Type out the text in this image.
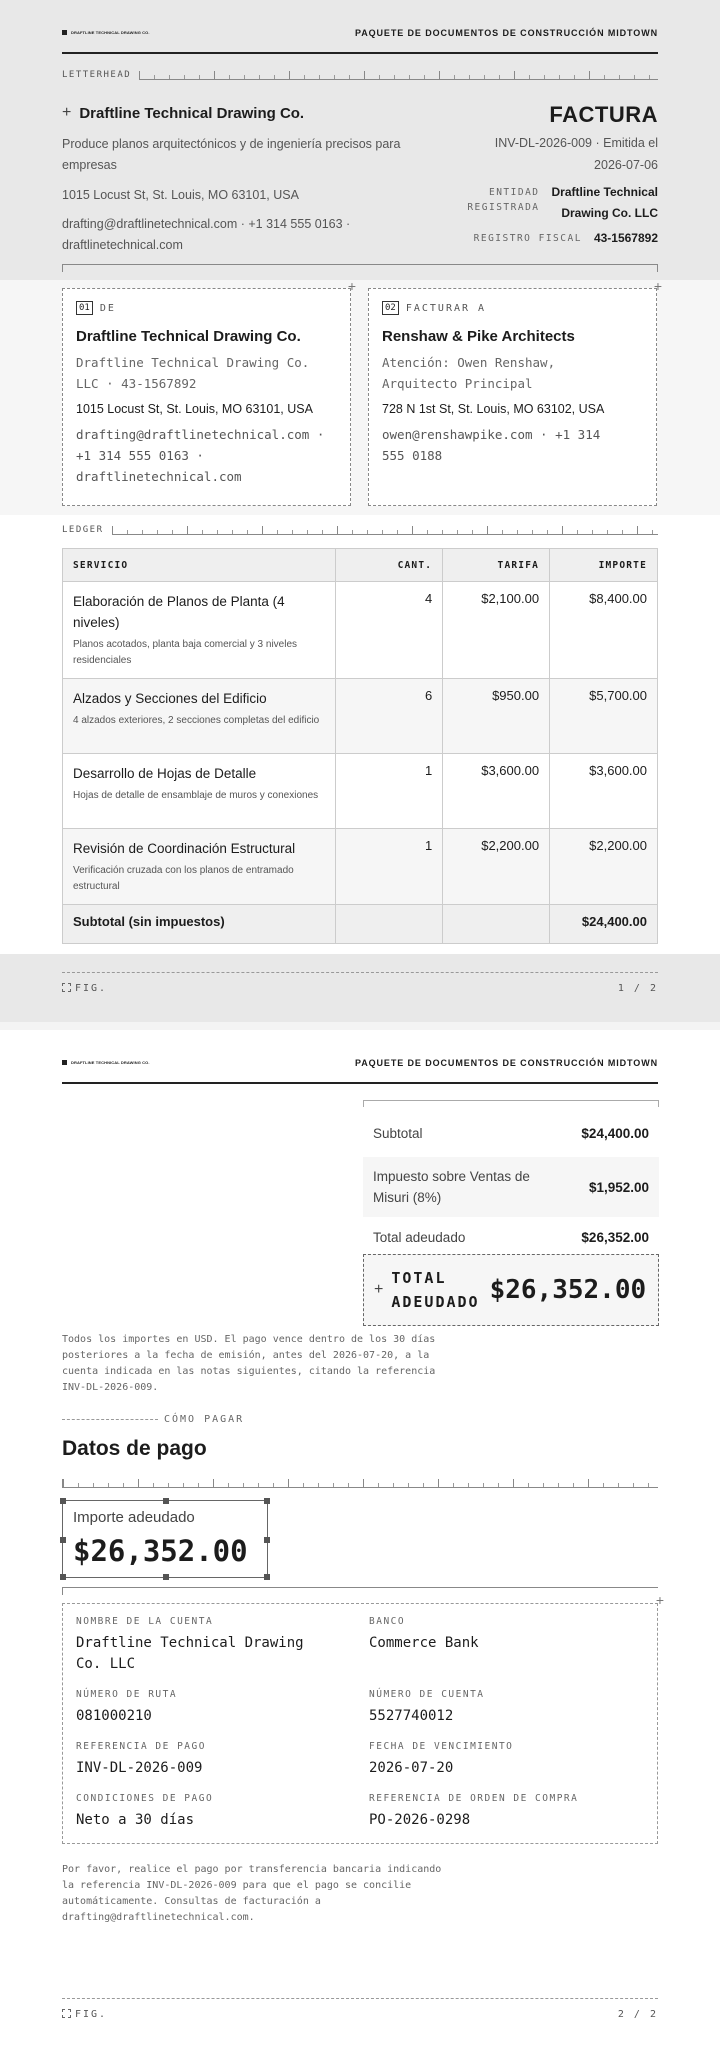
DRAFTLINE TECHNICAL DRAWING CO.	PAQUETE DE DOCUMENTOS DE CONSTRUCCIÓN MIDTOWN
LETTERHEAD
+ Draftline Technical Drawing Co.
Produce planos arquitectónicos y de ingeniería precisos para empresas
1015 Locust St, St. Louis, MO 63101, USA
drafting@draftlinetechnical.com · +1 314 555 0163 ·
draftlinetechnical.com
FACTURA
INV-DL-2026-009 · Emitida el
2026-07-06
ENTIDAD
REGISTRADA
Draftline Technical
Drawing Co. LLC
REGISTRO FISCAL 43-1567892
01	DE
Draftline Technical Drawing Co.
Draftline Technical Drawing Co.
LLC · 43-1567892
1015 Locust St, St. Louis, MO 63101, USA
drafting@draftlinetechnical.com ·
+1 314 555 0163 ·
draftlinetechnical.com
+
02	FACTURAR A
Renshaw & Pike Architects
Atención: Owen Renshaw,
Arquitecto Principal
728 N 1st St, St. Louis, MO 63102, USA
owen@renshawpike.com · +1 314
555 0188
+
LEDGER
SERVICIO	CANT.	TARIFA	IMPORTE

Elaboración de Planos de Planta (4 niveles)
Planos acotados, planta baja comercial y 3 niveles residenciales	4	$2,100.00	$8,400.00

Alzados y Secciones del Edificio
4 alzados exteriores, 2 secciones completas del edificio	6	$950.00	$5,700.00

Desarrollo de Hojas de Detalle
Hojas de detalle de ensamblaje de muros y conexiones	1	$3,600.00	$3,600.00

Revisión de Coordinación Estructural
Verificación cruzada con los planos de entramado estructural	1	$2,200.00	$2,200.00
Subtotal (sin impuestos)			$24,400.00
FIG.	1 / 2
DRAFTLINE TECHNICAL DRAWING CO.	PAQUETE DE DOCUMENTOS DE CONSTRUCCIÓN MIDTOWN
Subtotal	$24,400.00
Impuesto sobre Ventas de
Misuri (8%)
$1,952.00
Total adeudado	$26,352.00
+
TOTAL
ADEUDADO $26,352.00
Todos los importes en USD. El pago vence dentro de los 30 días
posteriores a la fecha de emisión, antes del 2026-07-20, a la
cuenta indicada en las notas siguientes, citando la referencia
INV-DL-2026-009.
CÓMO PAGAR
Datos de pago
Importe adeudado
$26,352.00
+
NOMBRE DE LA CUENTA
Draftline Technical Drawing Co. LLC
BANCO
Commerce Bank
NÚMERO DE RUTA
081000210
NÚMERO DE CUENTA
5527740012
REFERENCIA DE PAGO
INV-DL-2026-009
FECHA DE VENCIMIENTO
2026-07-20
CONDICIONES DE PAGO
Neto a 30 días
REFERENCIA DE ORDEN DE COMPRA
PO-2026-0298
Por favor, realice el pago por transferencia bancaria indicando
la referencia INV-DL-2026-009 para que el pago se concilie
automáticamente. Consultas de facturación a
drafting@draftlinetechnical.com.
FIG.	2 / 2
